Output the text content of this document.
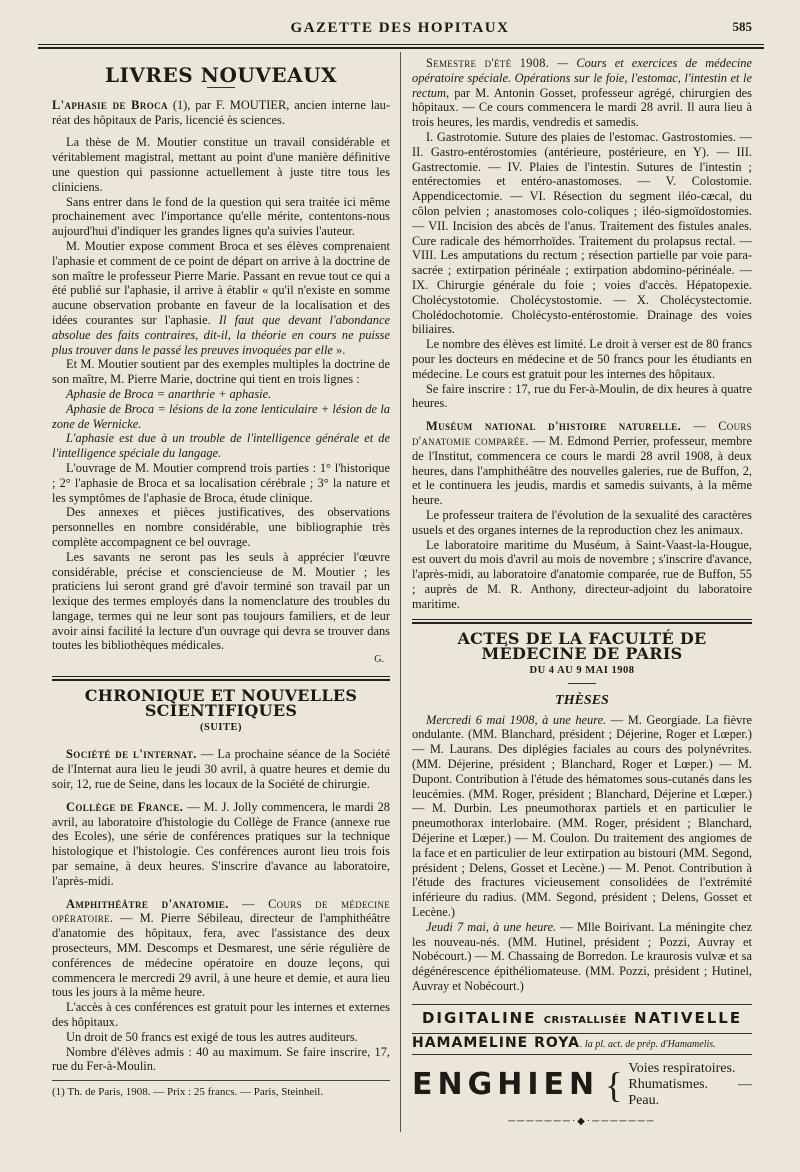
GAZETTE DES HOPITAUX	585
LIVRES NOUVEAUX

L'aphasie de Broca (1), par F. MOUTIER, ancien interne lau-réat des hôpitaux de Paris, licencié ès sciences.

La thèse de M. Moutier constitue un travail considérable et véritablement magistral, mettant au point d'une manière définitive une question qui passionne actuellement à juste titre tous les cliniciens.

Sans entrer dans le fond de la question qui sera traitée ici même prochainement avec l'importance qu'elle mérite, contentons-nous aujourd'hui d'indiquer les grandes lignes qu'a suivies l'auteur.

M. Moutier expose comment Broca et ses élèves comprenaient l'aphasie et comment de ce point de départ on arrive à la doctrine de son maître le professeur Pierre Marie. Passant en revue tout ce qui a été publié sur l'aphasie, il arrive à établir « qu'il n'existe en somme aucune observation probante en faveur de la localisation et des idées courantes sur l'aphasie. Il faut que devant l'abondance absolue des faits contraires, dit-il, la théorie en cours ne puisse plus trouver dans le passé les preuves invoquées par elle ».

Et M. Moutier soutient par des exemples multiples la doctrine de son maître, M. Pierre Marie, doctrine qui tient en trois lignes :

Aphasie de Broca = anarthrie + aphasie.

Aphasie de Broca = lésions de la zone lenticulaire + lésion de la zone de Wernicke.

L'aphasie est due à un trouble de l'intelligence générale et de l'intelligence spéciale du langage.

L'ouvrage de M. Moutier comprend trois parties : 1° l'historique ; 2° l'aphasie de Broca et sa localisation cérébrale ; 3° la nature et les symptômes de l'aphasie de Broca, étude clinique.

Des annexes et pièces justificatives, des observations personnelles en nombre considérable, une bibliographie très complète accompagnent ce bel ouvrage.

Les savants ne seront pas les seuls à apprécier l'œuvre considérable, précise et consciencieuse de M. Moutier ; les praticiens lui seront grand gré d'avoir terminé son travail par un lexique des termes employés dans la nomenclature des troubles du langage, termes qui ne leur sont pas toujours familiers, et de leur avoir ainsi facilité la lecture d'un ouvrage qui devra se trouver dans toutes les bibliothèques médicales.

G.
CHRONIQUE ET NOUVELLES SCIENTIFIQUES
(SUITE)

Société de l'internat. — La prochaine séance de la Société de l'Internat aura lieu le jeudi 30 avril, à quatre heures et demie du soir, 12, rue de Seine, dans les locaux de la Société de chirurgie.

Collège de France. — M. J. Jolly commencera, le mardi 28 avril, au laboratoire d'histologie du Collège de France (annexe rue des Ecoles), une série de conférences pratiques sur la technique histologique et l'histologie. Ces conférences auront lieu trois fois par semaine, à deux heures. S'inscrire d'avance au laboratoire, l'après-midi.

Amphithéâtre d'anatomie. — Cours de médecine opératoire. — M. Pierre Sébileau, directeur de l'amphithéâtre d'anatomie des hôpitaux, fera, avec l'assistance des deux prosecteurs, MM. Descomps et Desmarest, une série régulière de conférences de médecine opératoire en douze leçons, qui commencera le mercredi 29 avril, à une heure et demie, et aura lieu tous les jours à la même heure.

L'accès à ces conférences est gratuit pour les internes et externes des hôpitaux.

Un droit de 50 francs est exigé de tous les autres auditeurs.

Nombre d'élèves admis : 40 au maximum. Se faire inscrire, 17, rue du Fer-à-Moulin.

(1) Th. de Paris, 1908. — Prix : 25 francs. — Paris, Steinheil.

Semestre d'été 1908. — Cours et exercices de médecine opératoire spéciale. Opérations sur le foie, l'estomac, l'intestin et le rectum, par M. Antonin Gosset, professeur agrégé, chirurgien des hôpitaux. — Ce cours commencera le mardi 28 avril. Il aura lieu à trois heures, les mardis, vendredis et samedis.

I. Gastrotomie. Suture des plaies de l'estomac. Gastrostomies. — II. Gastro-entérostomies (antérieure, postérieure, en Y). — III. Gastrectomie. — IV. Plaies de l'intestin. Sutures de l'intestin ; entérectomies et entéro-anastomoses. — V. Colostomie. Appendicectomie. — VI. Résection du segment iléo-cæcal, du côlon pelvien ; anastomoses colo-coliques ; iléo-sigmoïdostomies. — VII. Incision des abcès de l'anus. Traitement des fistules anales. Cure radicale des hémorrhoïdes. Traitement du prolapsus rectal. — VIII. Les amputations du rectum ; résection partielle par voie para-sacrée ; extirpation périnéale ; extirpation abdomino-périnéale. — IX. Chirurgie générale du foie ; voies d'accès. Hépatopexie. Cholécystotomie. Cholécystostomie. — X. Cholécystectomie. Cholédochotomie. Cholécysto-entérostomie. Drainage des voies biliaires.

Le nombre des élèves est limité. Le droit à verser est de 80 francs pour les docteurs en médecine et de 50 francs pour les étudiants en médecine. Le cours est gratuit pour les internes des hôpitaux.

Se faire inscrire : 17, rue du Fer-à-Moulin, de dix heures à quatre heures.

Muséum national d'histoire naturelle. — Cours d'anatomie comparée. — M. Edmond Perrier, professeur, membre de l'Institut, commencera ce cours le mardi 28 avril 1908, à deux heures, dans l'amphithéâtre des nouvelles galeries, rue de Buffon, 2, et le continuera les jeudis, mardis et samedis suivants, à la même heure.

Le professeur traitera de l'évolution de la sexualité des caractères usuels et des organes internes de la reproduction chez les animaux.

Le laboratoire maritime du Muséum, à Saint-Vaast-la-Hougue, est ouvert du mois d'avril au mois de novembre ; s'inscrire d'avance, l'après-midi, au laboratoire d'anatomie comparée, rue de Buffon, 55 ; auprès de M. R. Anthony, directeur-adjoint du laboratoire maritime.

ACTES DE LA FACULTÉ DE MÉDECINE DE PARIS
DU 4 AU 9 MAI 1908
THÈSES

Mercredi 6 mai 1908, à une heure. — M. Georgiade. La fièvre ondulante. (MM. Blanchard, président ; Déjerine, Roger et Lœper.) — M. Laurans. Des diplégies faciales au cours des polynévrites. (MM. Déjerine, président ; Blanchard, Roger et Lœper.) — M. Dupont. Contribution à l'étude des hématomes sous-cutanés dans les leucémies. (MM. Roger, président ; Blanchard, Déjerine et Lœper.) — M. Durbin. Les pneumothorax partiels et en particulier le pneumothorax interlobaire. (MM. Roger, président ; Blanchard, Déjerine et Lœper.) — M. Coulon. Du traitement des angiomes de la face et en particulier de leur extirpation au bistouri (MM. Segond, président ; Delens, Gosset et Lecène.) — M. Penot. Contribution à l'étude des fractures vicieusement consolidées de l'extrémité inférieure du radius. (MM. Segond, président ; Delens, Gosset et Lecène.)

Jeudi 7 mai, à une heure. — Mlle Boirivant. La méningite chez les nouveau-nés. (MM. Hutinel, président ; Pozzi, Auvray et Nobécourt.) — M. Chassaing de Borredon. Le kraurosis vulvæ et sa dégénérescence épithéliomateuse. (MM. Pozzi, président ; Hutinel, Auvray et Nobécourt.)

DIGITALINE CRISTALLISÉE NATIVELLE
HAMAMELINE ROYA. la pl. act. de prép. d'Hamamelis.
ENGHIEN { Voies respiratoires.
Rhumatismes. — Peau.
───────·◆·───────
